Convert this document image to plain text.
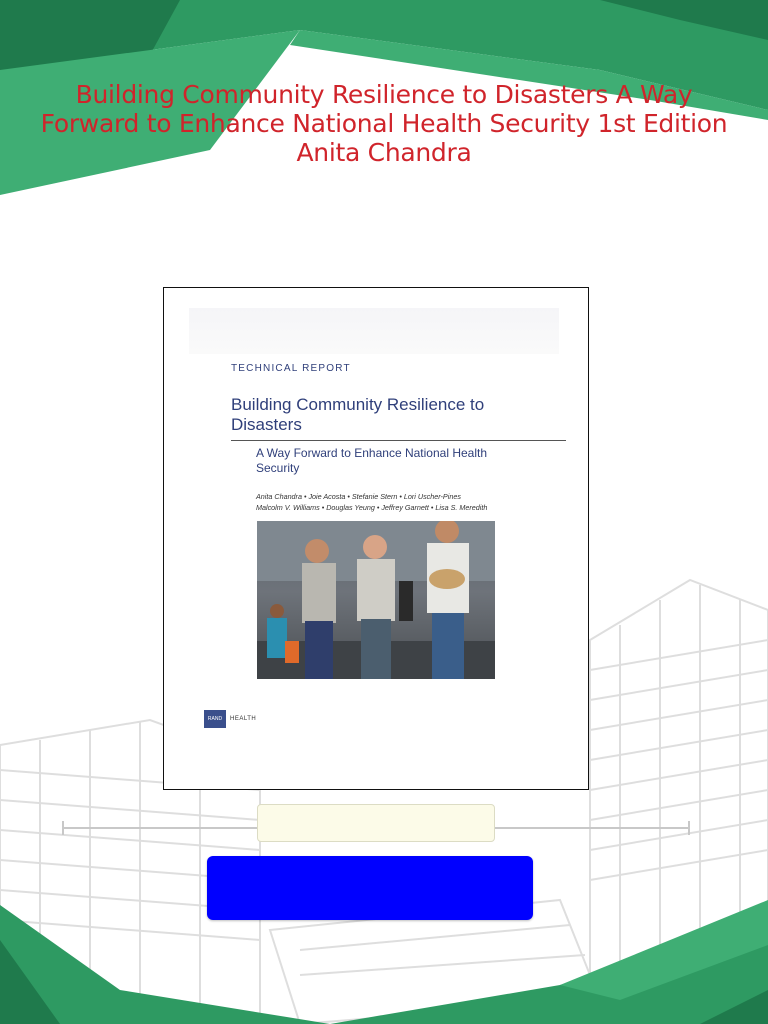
Building Community Resilience to Disasters A Way Forward to Enhance National Health Security 1st Edition Anita Chandra
TECHNICAL REPORT
Building Community Resilience to Disasters
A Way Forward to Enhance National Health Security
Anita Chandra • Joie Acosta • Stefanie Stern • Lori Uscher-Pines
Malcolm V. Williams • Douglas Yeung • Jeffrey Garnett • Lisa S. Meredith
RAND	HEALTH
